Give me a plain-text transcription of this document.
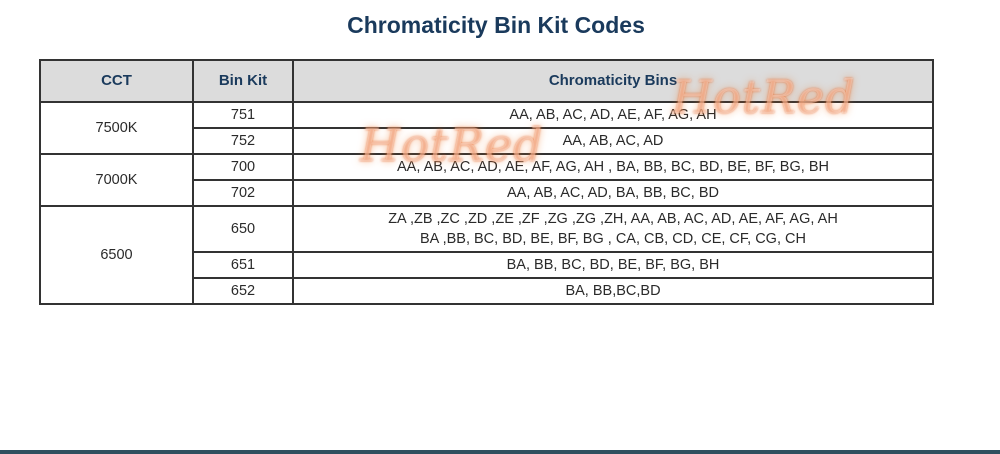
Chromaticity Bin Kit Codes
CCT	Bin Kit	Chromaticity Bins
7500K	751	AA, AB, AC, AD, AE, AF, AG, AH
	752	AA, AB, AC, AD
7000K	700	AA, AB, AC, AD, AE, AF, AG, AH , BA, BB, BC, BD, BE, BF, BG, BH
	702	AA, AB, AC, AD, BA, BB, BC, BD
6500	650	ZA ,ZB ,ZC ,ZD ,ZE ,ZF ,ZG ,ZG ,ZH, AA, AB, AC, AD, AE, AF, AG, AH
BA ,BB, BC, BD, BE, BF, BG , CA, CB, CD, CE, CF, CG, CH

	651	BA, BB, BC, BD, BE, BF, BG, BH
	652	BA, BB,BC,BD
HotRed
HotRed
